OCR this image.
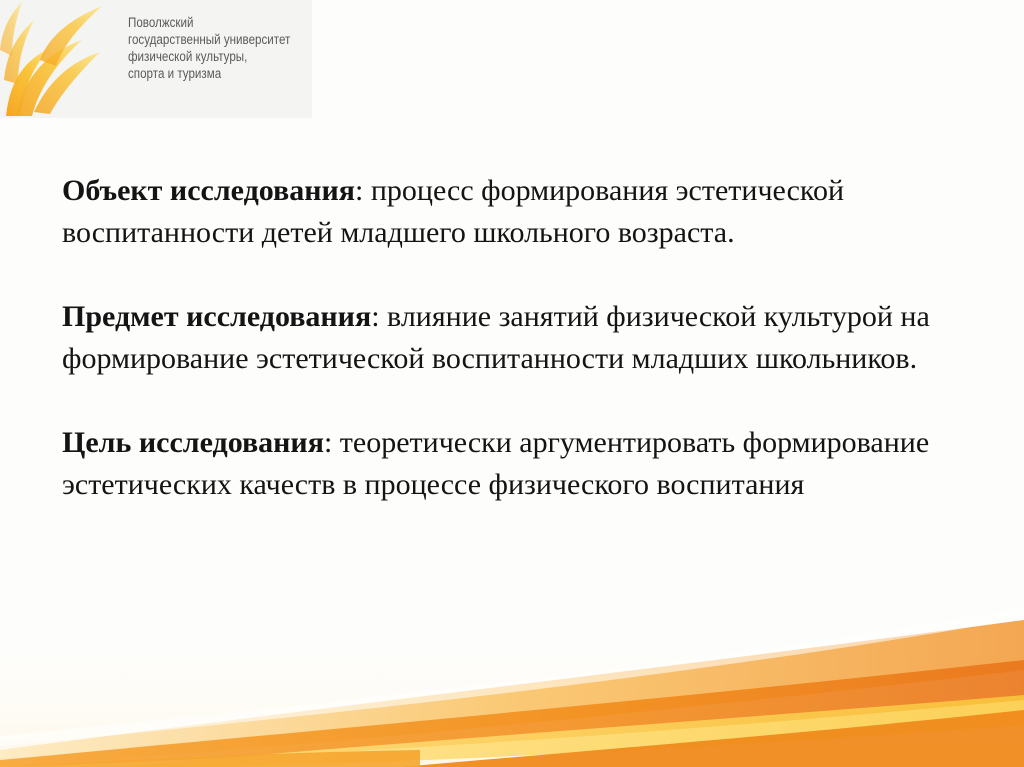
Поволжский
государственный университет
физической культуры,
спорта и туризма

Объект исследования: процесс формирования эстетической воспитанности детей младшего школьного возраста.

Предмет исследования: влияние занятий физической культурой на формирование эстетической воспитанности младших школьников.

Цель исследования: теоретически аргументировать формирование эстетических качеств в процессе физического воспитания
